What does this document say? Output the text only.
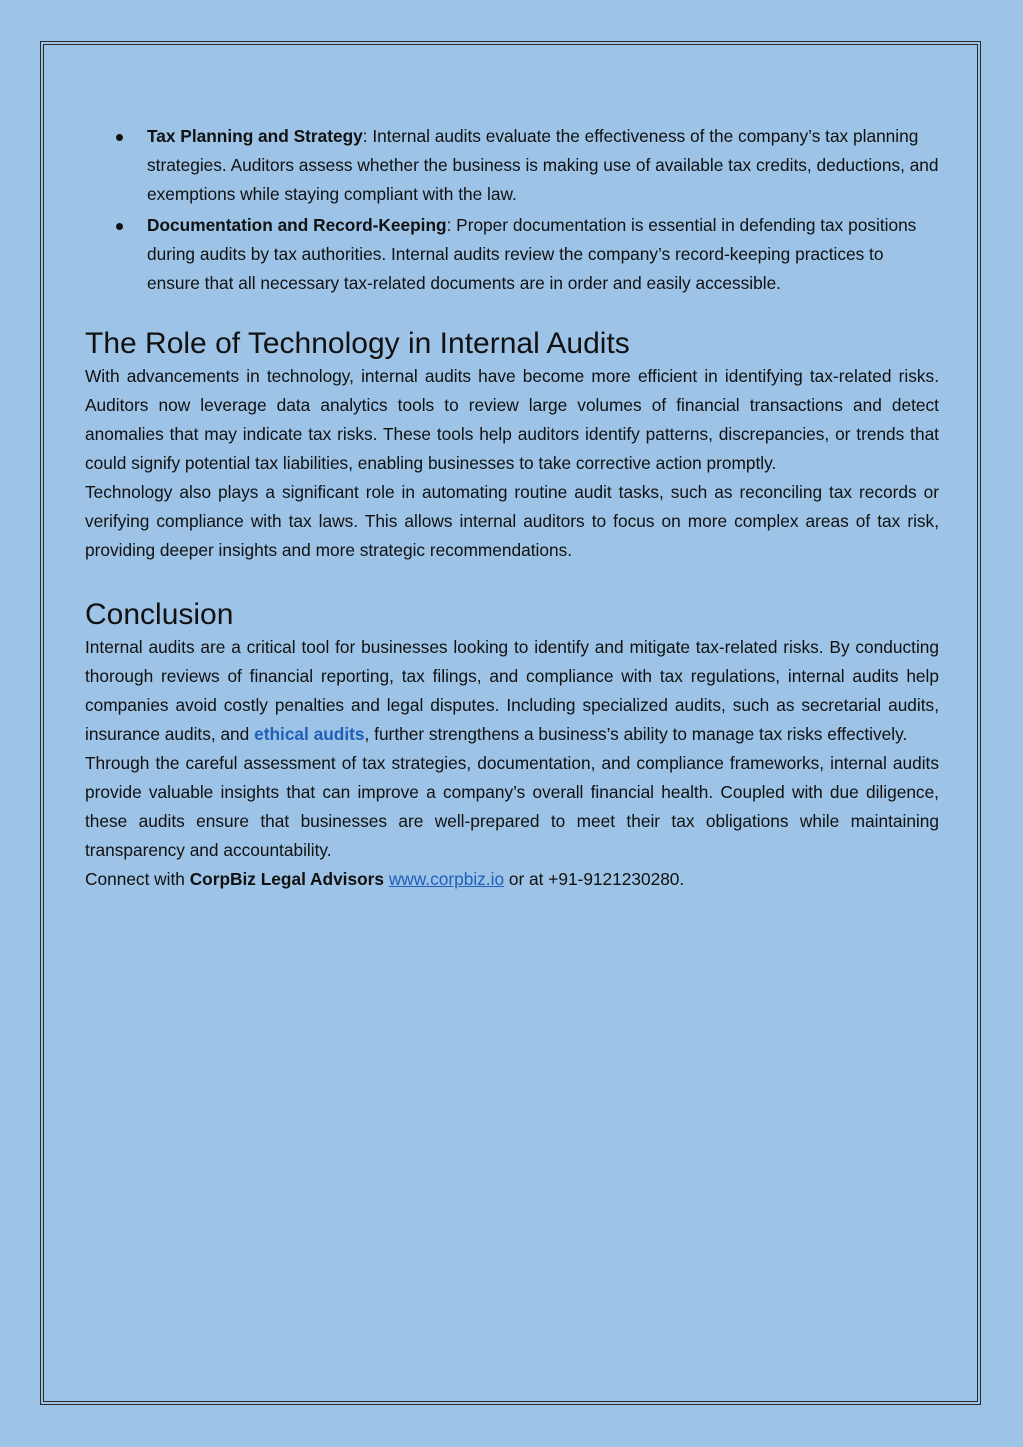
Tax Planning and Strategy: Internal audits evaluate the effectiveness of the company’s tax planning strategies. Auditors assess whether the business is making use of available tax credits, deductions, and exemptions while staying compliant with the law.
Documentation and Record-Keeping: Proper documentation is essential in defending tax positions during audits by tax authorities. Internal audits review the company’s record-keeping practices to ensure that all necessary tax-related documents are in order and easily accessible.
The Role of Technology in Internal Audits

With advancements in technology, internal audits have become more efficient in identifying tax-related risks. Auditors now leverage data analytics tools to review large volumes of financial transactions and detect anomalies that may indicate tax risks. These tools help auditors identify patterns, discrepancies, or trends that could signify potential tax liabilities, enabling businesses to take corrective action promptly.

Technology also plays a significant role in automating routine audit tasks, such as reconciling tax records or verifying compliance with tax laws. This allows internal auditors to focus on more complex areas of tax risk, providing deeper insights and more strategic recommendations.

Conclusion

Internal audits are a critical tool for businesses looking to identify and mitigate tax-related risks. By conducting thorough reviews of financial reporting, tax filings, and compliance with tax regulations, internal audits help companies avoid costly penalties and legal disputes. Including specialized audits, such as secretarial audits, insurance audits, and ethical audits, further strengthens a business’s ability to manage tax risks effectively.

Through the careful assessment of tax strategies, documentation, and compliance frameworks, internal audits provide valuable insights that can improve a company’s overall financial health. Coupled with due diligence, these audits ensure that businesses are well-prepared to meet their tax obligations while maintaining transparency and accountability.

Connect with CorpBiz Legal Advisors www.corpbiz.io or at +91-9121230280.
